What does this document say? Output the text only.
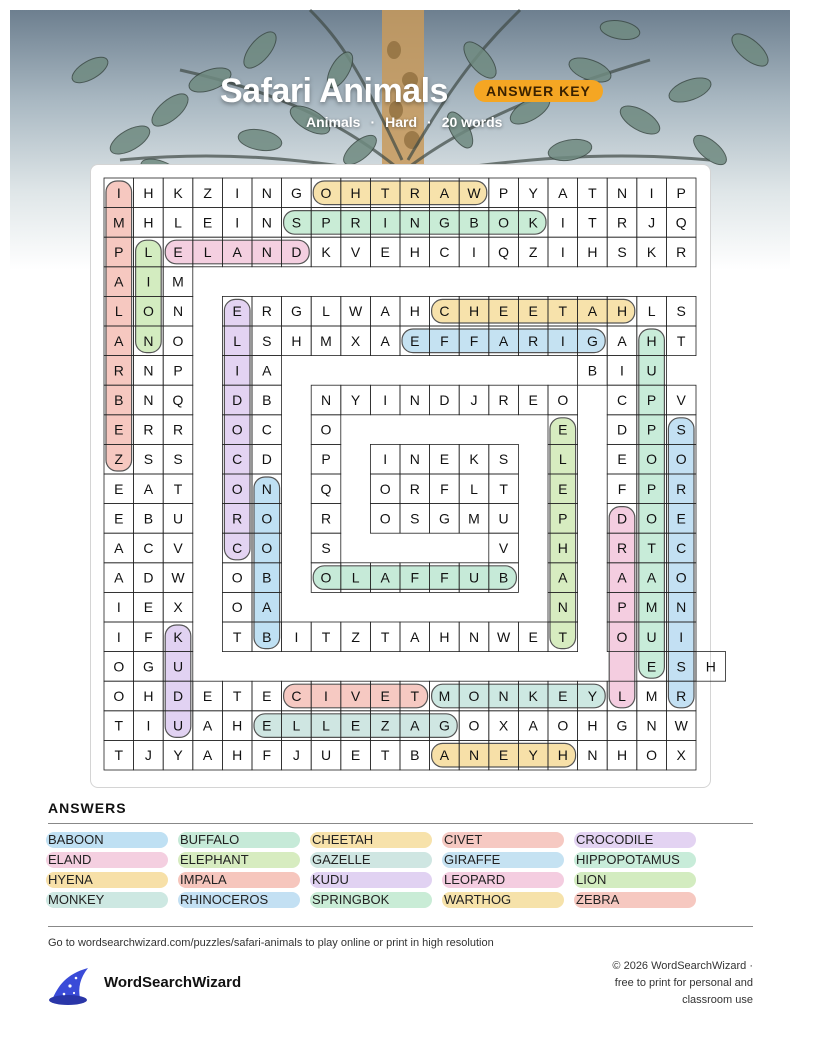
Safari Animals	ANSWER KEY
Animals · Hard · 20 words
I H K Z I N G O H T R A W P Y A T N I P
M H L E I N S P R I N G B O K I T R J Q
P L E L A N D K V E H C I Q Z I H S K R
A I M
L O N	E R G L W A H C H E E T A H L S
A N O	L S H M X A E F F A R I G A H T
R N P	I A	B I U
B N Q	D B	N Y I N D J R E O	C P V
E R R	O C	O	E	D P S
Z S S	C D	P	I N E K S	L	E O O
E A T	O N	Q	O R F L T	E	F P R
E B U	R O	R	O S G M U	P	D O E
A C V	C O	S	V	H	R T C
A D W	O B	O L A F F U B	A	A A O
I E X	O A	N	P M N
I F K	T B I T Z T A H N W E T	O U I
O G U	E S H
O H D E T E C I V E T M O N K E Y L M R
T I U A H E L L E Z A G O X A O H G N W
T J Y A H F J U E T B A N E Y H N H O X
ANSWERS
BABOON	BUFFALO	CHEETAH	CIVET	CROCODILE
ELAND	ELEPHANT	GAZELLE	GIRAFFE	HIPPOPOTAMUS
HYENA	IMPALA	KUDU	LEOPARD	LION
MONKEY	RHINOCEROS	SPRINGBOK	WARTHOG	ZEBRA
Go to wordsearchwizard.com/puzzles/safari-animals to play online or print in high resolution
WordSearchWizard
© 2026 WordSearchWizard · free to print for personal and classroom use
